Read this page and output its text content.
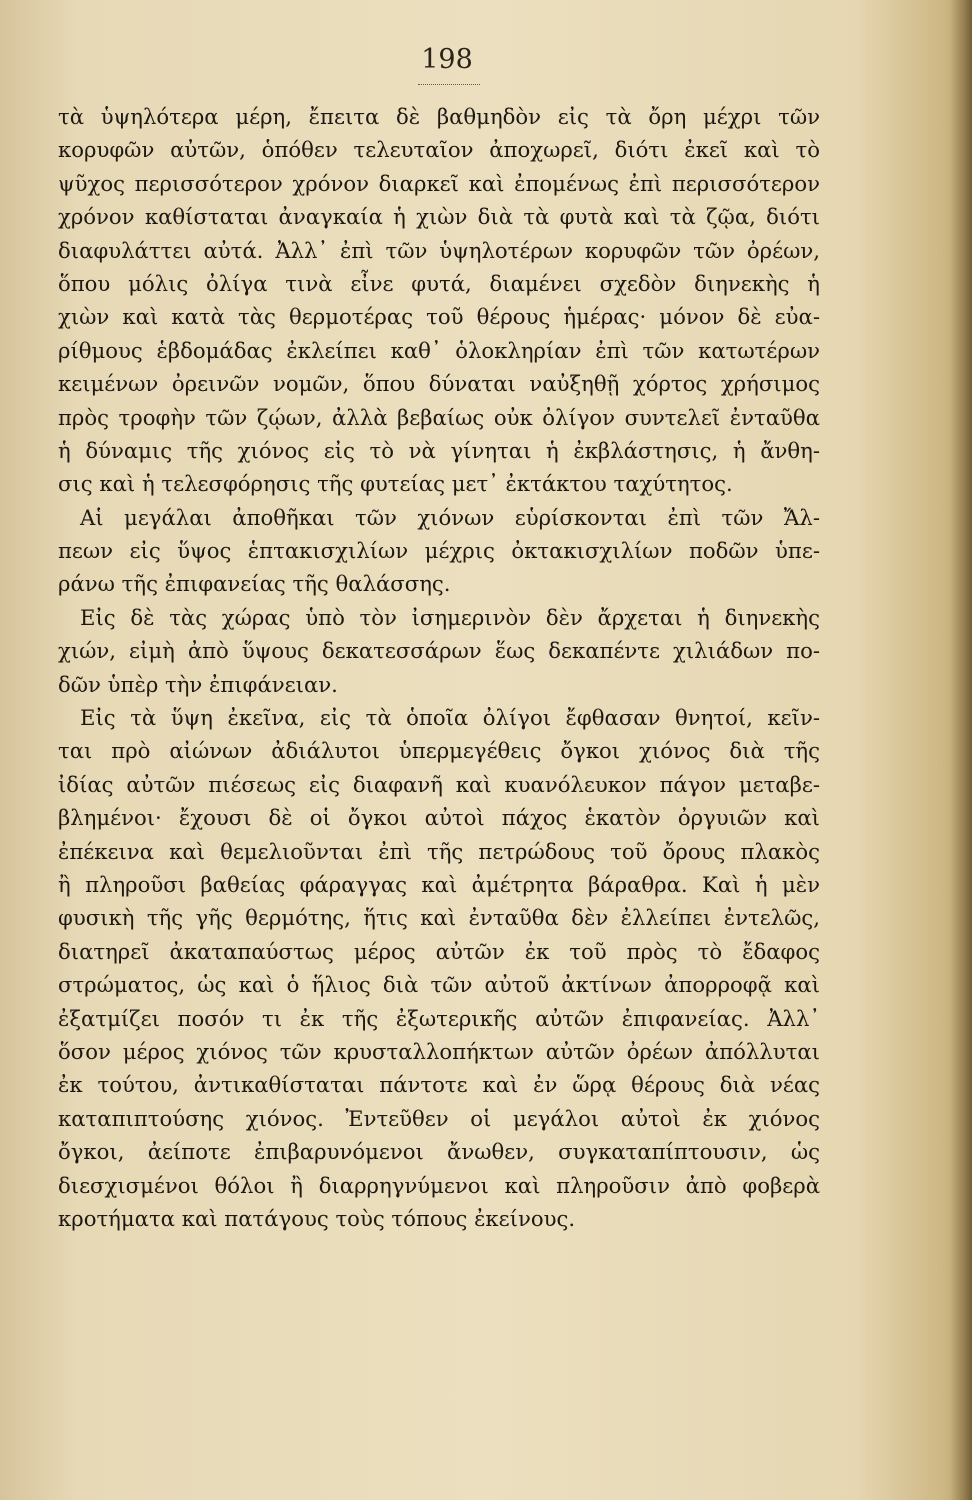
198
τὰ ὑψηλότερα μέρη, ἔπειτα δὲ βαθμηδὸν εἰς τὰ ὄρη μέχρι τῶν
κορυφῶν αὐτῶν, ὁπόθεν τελευταῖον ἀποχωρεῖ, διότι ἐκεῖ καὶ τὸ
ψῦχος περισσότερον χρόνον διαρκεῖ καὶ ἐπομένως ἐπὶ περισσότερον
χρόνον καθίσταται ἀναγκαία ἡ χιὼν διὰ τὰ φυτὰ καὶ τὰ ζῷα, διότι
διαφυλάττει αὐτά. Ἀλλ᾽ ἐπὶ τῶν ὑψηλοτέρων κορυφῶν τῶν ὀρέων,
ὅπου μόλις ὀλίγα τινὰ εἶνε φυτά, διαμένει σχεδὸν διηνεκὴς ἡ
χιὼν καὶ κατὰ τὰς θερμοτέρας τοῦ θέρους ἡμέρας· μόνον δὲ εὐα-
ρίθμους ἑβδομάδας ἐκλείπει καθ᾽ ὁλοκληρίαν ἐπὶ τῶν κατωτέρων
κειμένων ὀρεινῶν νομῶν, ὅπου δύναται ναὐξηθῇ χόρτος χρήσιμος
πρὸς τροφὴν τῶν ζῴων, ἀλλὰ βεβαίως οὐκ ὀλίγον συντελεῖ ἐνταῦθα
ἡ δύναμις τῆς χιόνος εἰς τὸ νὰ γίνηται ἡ ἐκβλάστησις, ἡ ἄνθη-
σις καὶ ἡ τελεσφόρησις τῆς φυτείας μετ᾽ ἐκτάκτου ταχύτητος.
Αἱ μεγάλαι ἀποθῆκαι τῶν χιόνων εὑρίσκονται ἐπὶ τῶν Ἄλ-
πεων εἰς ὕψος ἑπτακισχιλίων μέχρις ὀκτακισχιλίων ποδῶν ὑπε-
ράνω τῆς ἐπιφανείας τῆς θαλάσσης.
Εἰς δὲ τὰς χώρας ὑπὸ τὸν ἰσημερινὸν δὲν ἄρχεται ἡ διηνεκὴς
χιών, εἰμὴ ἀπὸ ὕψους δεκατεσσάρων ἕως δεκαπέντε χιλιάδων πο-
δῶν ὑπὲρ τὴν ἐπιφάνειαν.
Εἰς τὰ ὕψη ἐκεῖνα, εἰς τὰ ὁποῖα ὀλίγοι ἔφθασαν θνητοί, κεῖν-
ται πρὸ αἰώνων ἀδιάλυτοι ὑπερμεγέθεις ὄγκοι χιόνος διὰ τῆς
ἰδίας αὐτῶν πιέσεως εἰς διαφανῆ καὶ κυανόλευκον πάγον μεταβε-
βλημένοι· ἔχουσι δὲ οἱ ὄγκοι αὐτοὶ πάχος ἑκατὸν ὀργυιῶν καὶ
ἐπέκεινα καὶ θεμελιοῦνται ἐπὶ τῆς πετρώδους τοῦ ὄρους πλακὸς
ἢ πληροῦσι βαθείας φάραγγας καὶ ἀμέτρητα βάραθρα. Καὶ ἡ μὲν
φυσικὴ τῆς γῆς θερμότης, ἥτις καὶ ἐνταῦθα δὲν ἐλλείπει ἐντελῶς,
διατηρεῖ ἀκαταπαύστως μέρος αὐτῶν ἐκ τοῦ πρὸς τὸ ἔδαφος
στρώματος, ὡς καὶ ὁ ἥλιος διὰ τῶν αὐτοῦ ἀκτίνων ἀπορροφᾷ καὶ
ἐξατμίζει ποσόν τι ἐκ τῆς ἐξωτερικῆς αὐτῶν ἐπιφανείας. Ἀλλ᾽
ὅσον μέρος χιόνος τῶν κρυσταλλοπήκτων αὐτῶν ὀρέων ἀπόλλυται
ἐκ τούτου, ἀντικαθίσταται πάντοτε καὶ ἐν ὥρᾳ θέρους διὰ νέας
καταπιπτούσης χιόνος. Ἐντεῦθεν οἱ μεγάλοι αὐτοὶ ἐκ χιόνος
ὄγκοι, ἀείποτε ἐπιβαρυνόμενοι ἄνωθεν, συγκαταπίπτουσιν, ὡς
διεσχισμένοι θόλοι ἢ διαρρηγνύμενοι καὶ πληροῦσιν ἀπὸ φοβερὰ
κροτήματα καὶ πατάγους τοὺς τόπους ἐκείνους.
